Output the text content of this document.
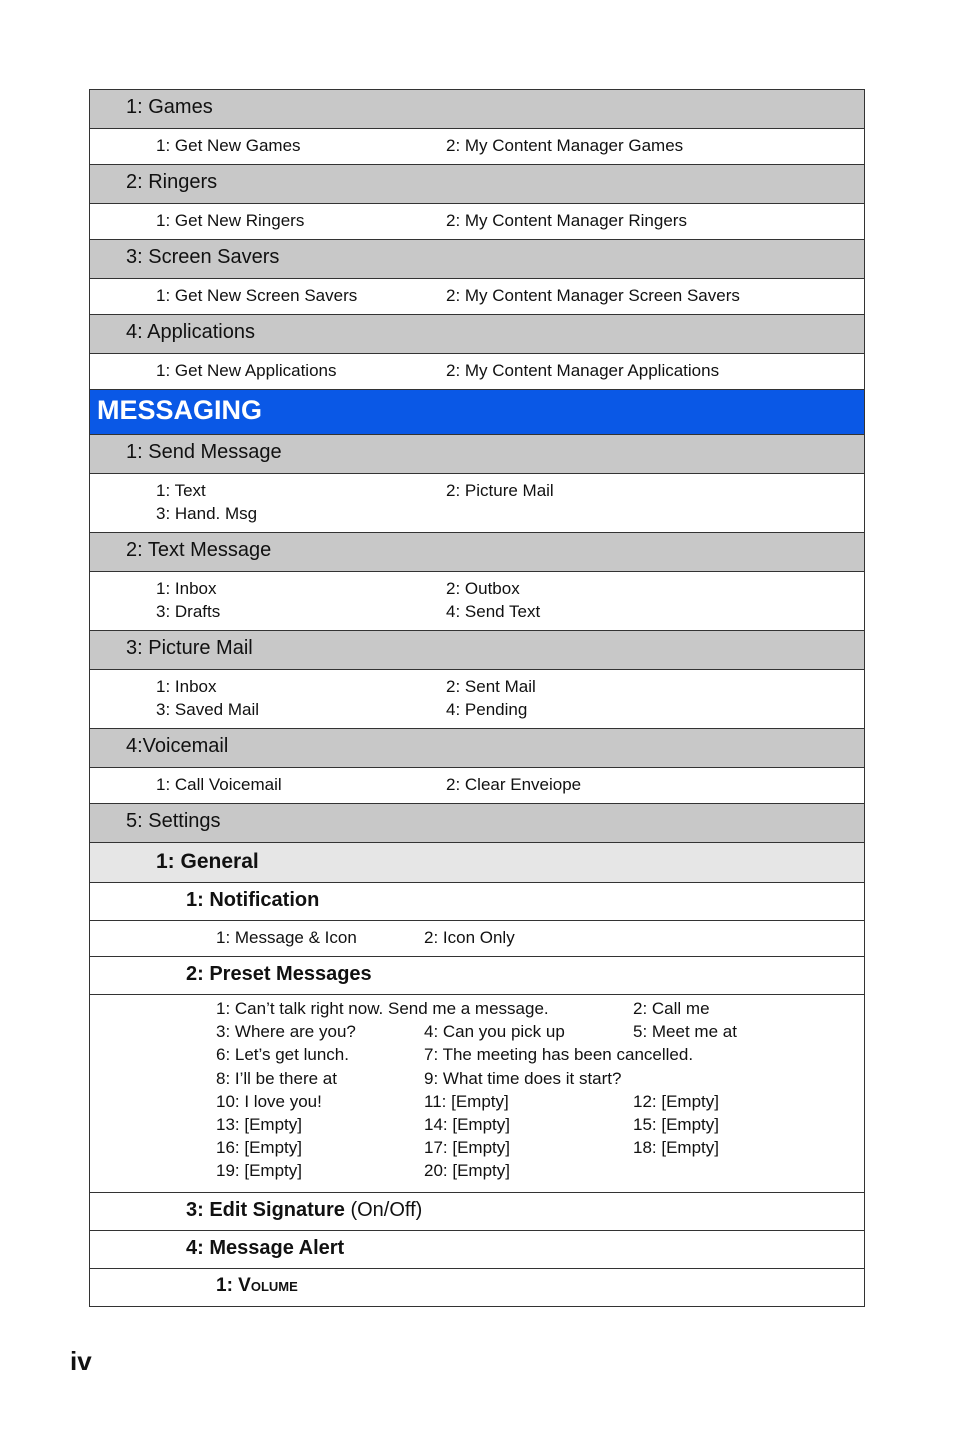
1: Games
1: Get New Games	2: My Content Manager Games
2: Ringers
1: Get New Ringers	2: My Content Manager Ringers
3: Screen Savers
1: Get New Screen Savers	2: My Content Manager Screen Savers
4: Applications
1: Get New Applications	2: My Content Manager Applications
MESSAGING
1: Send Message
1: Text	2: Picture Mail
3: Hand. Msg
2: Text Message
1: Inbox	2: Outbox
3: Drafts	4: Send Text
3: Picture Mail
1: Inbox	2: Sent Mail
3: Saved Mail	4: Pending
4:Voicemail
1: Call Voicemail	2: Clear Enveiope
5: Settings
1: General
1: Notification
1: Message & Icon	2: Icon Only
2: Preset Messages
1: Can’t talk right now. Send me a message.	2: Call me
3: Where are you?	4: Can you pick up	5: Meet me at
6: Let’s get lunch.	7: The meeting has been cancelled.
8: I’ll be there at	9: What time does it start?
10: I love you!	11: [Empty]	12: [Empty]
13: [Empty]	14: [Empty]	15: [Empty]
16: [Empty]	17: [Empty]	18: [Empty]
19: [Empty]	20: [Empty]
3: Edit Signature (On/Off)
4: Message Alert
1: Volume
iv
